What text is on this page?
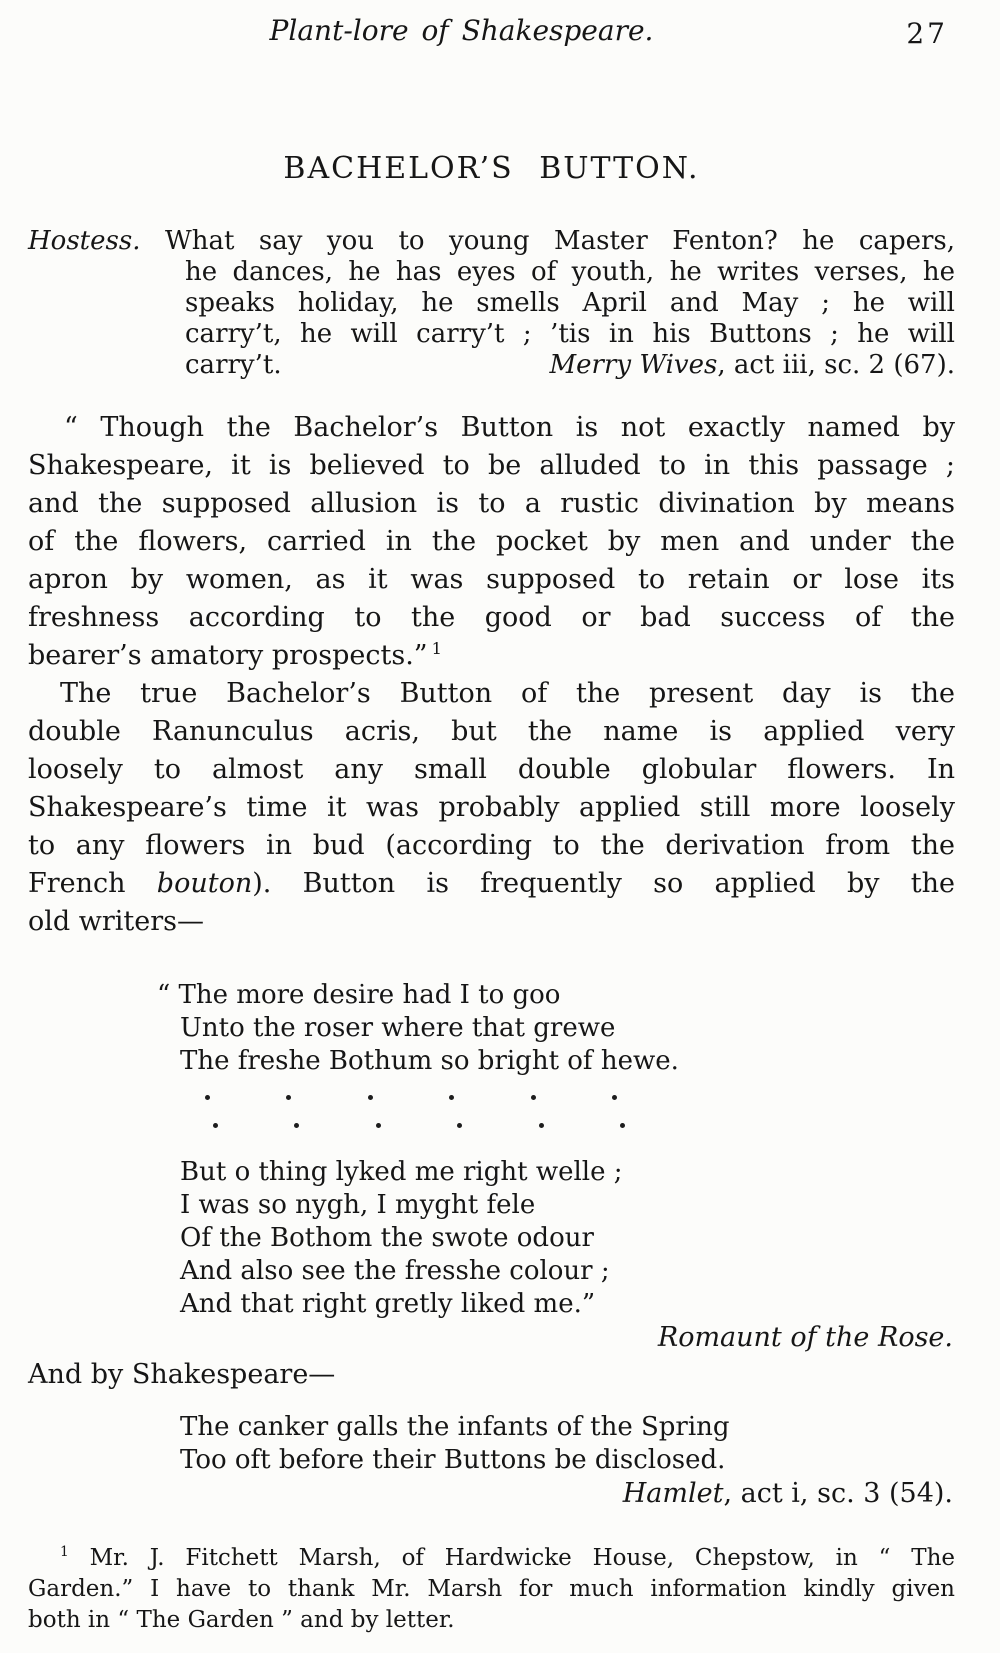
Plant-lore of Shakespeare.	27
BACHELOR’S BUTTON.
Hostess. What say you to young Master Fenton? he capers,
he dances, he has eyes of youth, he writes verses, he
speaks holiday, he smells April and May ; he will
carry’t, he will carry’t ; ’tis in his Buttons ; he will
carry’t.	Merry Wives, act iii, sc. 2 (67).
“ Though the Bachelor’s Button is not exactly named by
Shakespeare, it is believed to be alluded to in this passage ;
and the supposed allusion is to a rustic divination by means
of the flowers, carried in the pocket by men and under the
apron by women, as it was supposed to retain or lose its
freshness according to the good or bad success of the
bearer’s amatory prospects.” $^1$
The true Bachelor’s Button of the present day is the
double Ranunculus acris, but the name is applied very
loosely to almost any small double globular flowers. In
Shakespeare’s time it was probably applied still more loosely
to any flowers in bud (according to the derivation from the
French bouton). Button is frequently so applied by the
old writers—
“ The more desire had I to goo
Unto the roser where that grewe
The freshe Bothum so bright of hewe.
But o thing lyked me right welle ;
I was so nygh, I myght fele
Of the Bothom the swote odour
And also see the fresshe colour ;
And that right gretly liked me.”
Romaunt of the Rose.
And by Shakespeare—
The canker galls the infants of the Spring
Too oft before their Buttons be disclosed.
Hamlet, act i, sc. 3 (54).
$^1$ Mr. J. Fitchett Marsh, of Hardwicke House, Chepstow, in “ The
Garden.” I have to thank Mr. Marsh for much information kindly given
both in “ The Garden ” and by letter.
